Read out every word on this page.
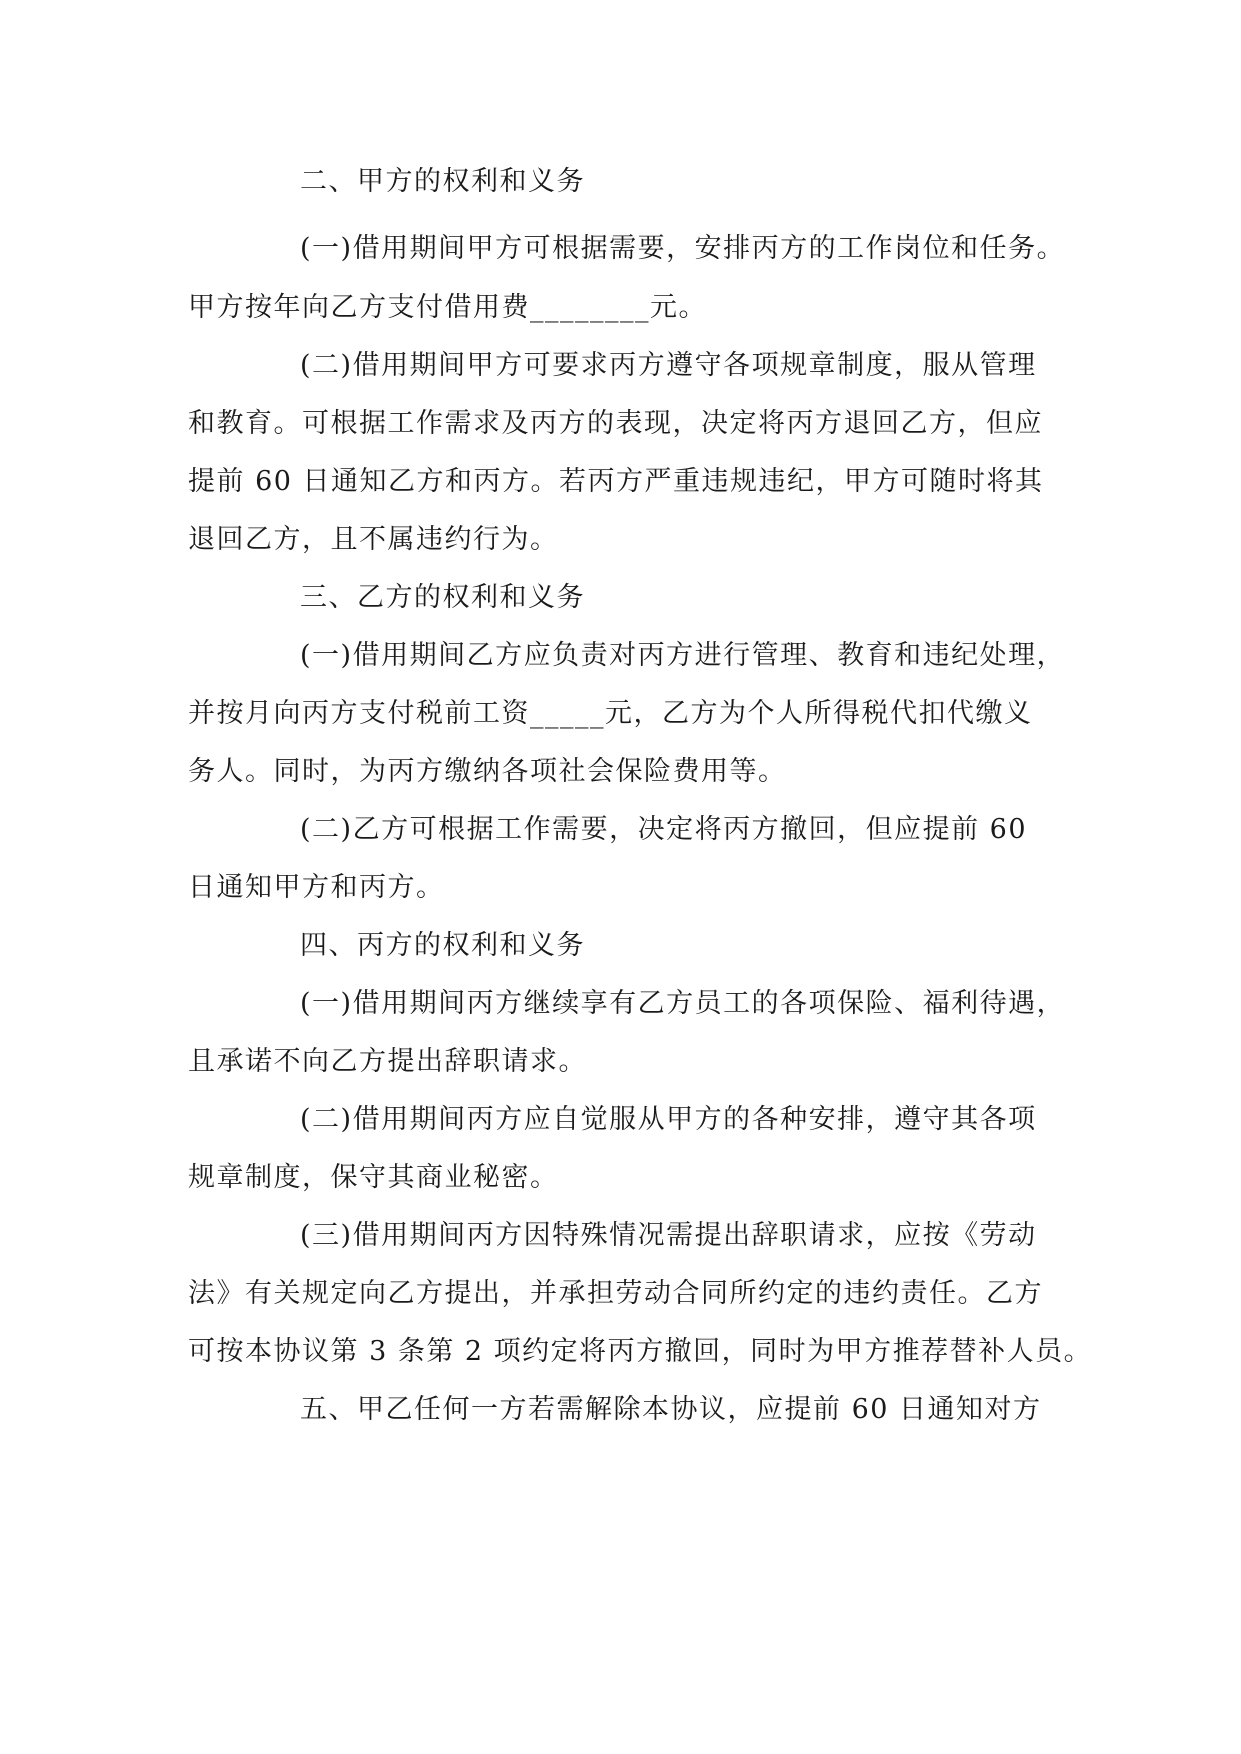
二、甲方的权利和义务
(一)借用期间甲方可根据需要，安排丙方的工作岗位和任务。
甲方按年向乙方支付借用费________元。
(二)借用期间甲方可要求丙方遵守各项规章制度，服从管理
和教育。可根据工作需求及丙方的表现，决定将丙方退回乙方，但应
提前 60 日通知乙方和丙方。若丙方严重违规违纪，甲方可随时将其
退回乙方，且不属违约行为。
三、乙方的权利和义务
(一)借用期间乙方应负责对丙方进行管理、教育和违纪处理，
并按月向丙方支付税前工资_____元，乙方为个人所得税代扣代缴义
务人。同时，为丙方缴纳各项社会保险费用等。
(二)乙方可根据工作需要，决定将丙方撤回，但应提前 60
日通知甲方和丙方。
四、丙方的权利和义务
(一)借用期间丙方继续享有乙方员工的各项保险、福利待遇，
且承诺不向乙方提出辞职请求。
(二)借用期间丙方应自觉服从甲方的各种安排，遵守其各项
规章制度，保守其商业秘密。
(三)借用期间丙方因特殊情况需提出辞职请求，应按《劳动
法》有关规定向乙方提出，并承担劳动合同所约定的违约责任。乙方
可按本协议第 3 条第 2 项约定将丙方撤回，同时为甲方推荐替补人员。
五、甲乙任何一方若需解除本协议，应提前 60 日通知对方
